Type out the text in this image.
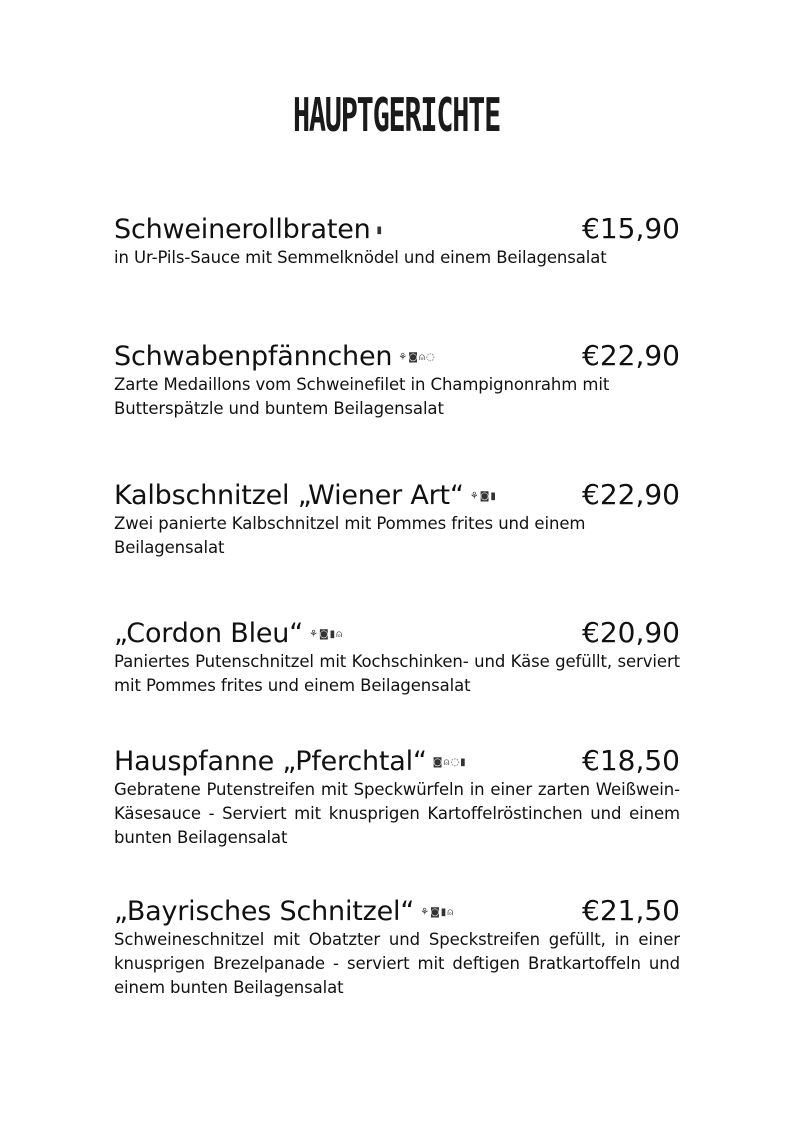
HAUPTGERICHTE
Schweinerollbraten ▮	€15,90
in Ur-Pils-Sauce mit Semmelknödel und einem Beilagensalat
Schwabenpfännchen ⚘◙⍝◌	€22,90
Zarte Medaillons vom Schweinefilet in Champignonrahm mit Butterspätzle und buntem Beilagensalat
Kalbschnitzel „Wiener Art“ ⚘◙▮	€22,90
Zwei panierte Kalbschnitzel mit Pommes frites und einem Beilagensalat
„Cordon Bleu“ ⚘◙▮⍝	€20,90
Paniertes Putenschnitzel mit Kochschinken- und Käse gefüllt, serviert mit Pommes frites und einem Beilagensalat
Hauspfanne „Pferchtal“ ◙⍝◌▮	€18,50
Gebratene Putenstreifen mit Speckwürfeln in einer zarten Weißwein-Käsesauce - Serviert mit knusprigen Kartoffelröstinchen und einem bunten Beilagensalat
„Bayrisches Schnitzel“ ⚘◙▮⍝	€21,50
Schweineschnitzel mit Obatzter und Speckstreifen gefüllt, in einer knusprigen Brezelpanade - serviert mit deftigen Bratkartoffeln und einem bunten Beilagensalat
